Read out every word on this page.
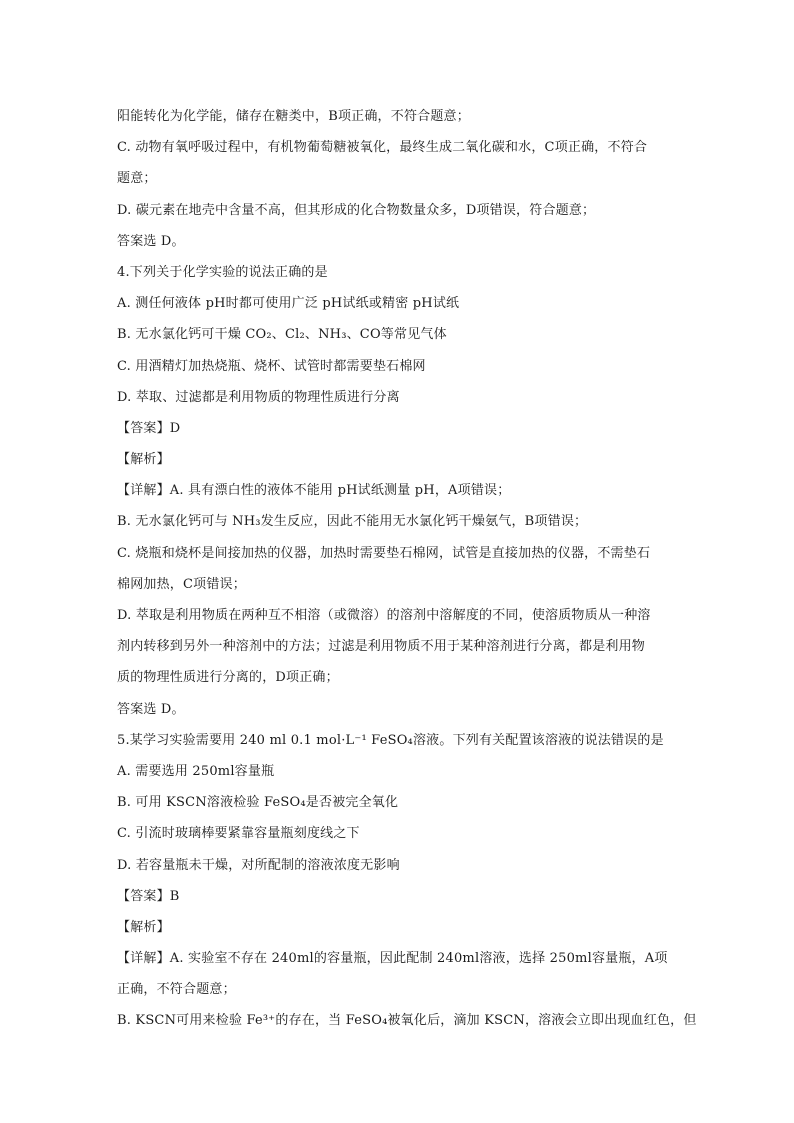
阳能转化为化学能，储存在糖类中，B项正确，不符合题意；
C. 动物有氧呼吸过程中，有机物葡萄糖被氧化，最终生成二氧化碳和水，C项正确，不符合
题意；
D. 碳元素在地壳中含量不高，但其形成的化合物数量众多，D项错误，符合题意；
答案选 D。
4.下列关于化学实验的说法正确的是
A. 测任何液体 pH时都可使用广泛 pH试纸或精密 pH试纸
B. 无水氯化钙可干燥 CO₂、Cl₂、NH₃、CO等常见气体
C. 用酒精灯加热烧瓶、烧杯、试管时都需要垫石棉网
D. 萃取、过滤都是利用物质的物理性质进行分离
【答案】D
【解析】
【详解】A. 具有漂白性的液体不能用 pH试纸测量 pH，A项错误；
B. 无水氯化钙可与 NH₃发生反应，因此不能用无水氯化钙干燥氨气，B项错误；
C. 烧瓶和烧杯是间接加热的仪器，加热时需要垫石棉网，试管是直接加热的仪器，不需垫石
棉网加热，C项错误；
D. 萃取是利用物质在两种互不相溶（或微溶）的溶剂中溶解度的不同，使溶质物质从一种溶
剂内转移到另外一种溶剂中的方法；过滤是利用物质不用于某种溶剂进行分离，都是利用物
质的物理性质进行分离的，D项正确；
答案选 D。
5.某学习实验需要用 240 ml 0.1 mol·L⁻¹ FeSO₄溶液。下列有关配置该溶液的说法错误的是
A. 需要选用 250ml容量瓶
B. 可用 KSCN溶液检验 FeSO₄是否被完全氧化
C. 引流时玻璃棒要紧靠容量瓶刻度线之下
D. 若容量瓶未干燥，对所配制的溶液浓度无影响
【答案】B
【解析】
【详解】A. 实验室不存在 240ml的容量瓶，因此配制 240ml溶液，选择 250ml容量瓶，A项
正确，不符合题意；
B. KSCN可用来检验 Fe³⁺的存在，当 FeSO₄被氧化后，滴加 KSCN，溶液会立即出现血红色，但
